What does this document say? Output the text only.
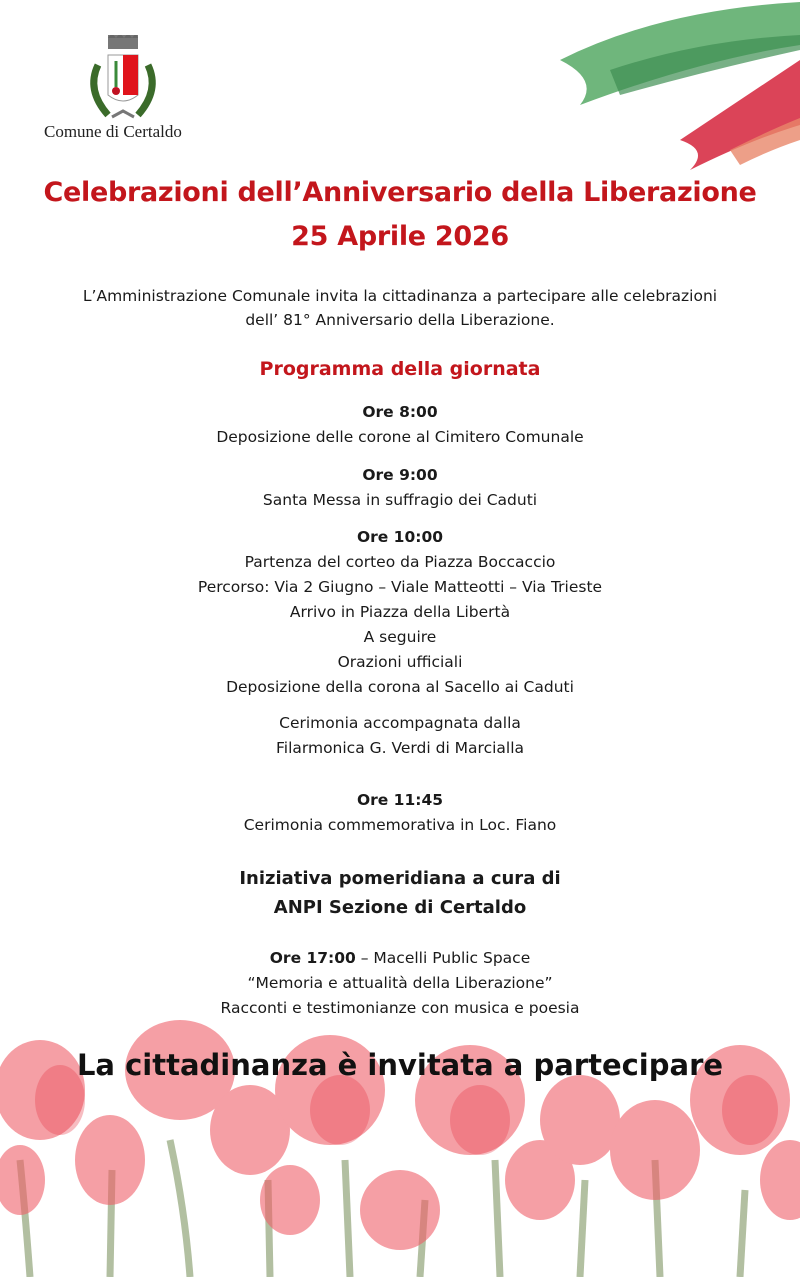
Comune di Certaldo
Celebrazioni dell’Anniversario della Liberazione
25 Aprile 2026
L’Amministrazione Comunale invita la cittadinanza a partecipare alle celebrazioni
dell’ 81° Anniversario della Liberazione.
Programma della giornata
Ore 8:00
Deposizione delle corone al Cimitero Comunale
Ore 9:00
Santa Messa in suffragio dei Caduti
Ore 10:00
Partenza del corteo da Piazza Boccaccio
Percorso: Via 2 Giugno – Viale Matteotti – Via Trieste
Arrivo in Piazza della Libertà
A seguire
Orazioni ufficiali
Deposizione della corona al Sacello ai Caduti
Cerimonia accompagnata dalla
Filarmonica G. Verdi di Marcialla
Ore 11:45
Cerimonia commemorativa in Loc. Fiano
Iniziativa pomeridiana a cura di
ANPI Sezione di Certaldo
Ore 17:00 – Macelli Public Space
“Memoria e attualità della Liberazione”
Racconti e testimonianze con musica e poesia
La cittadinanza è invitata a partecipare
